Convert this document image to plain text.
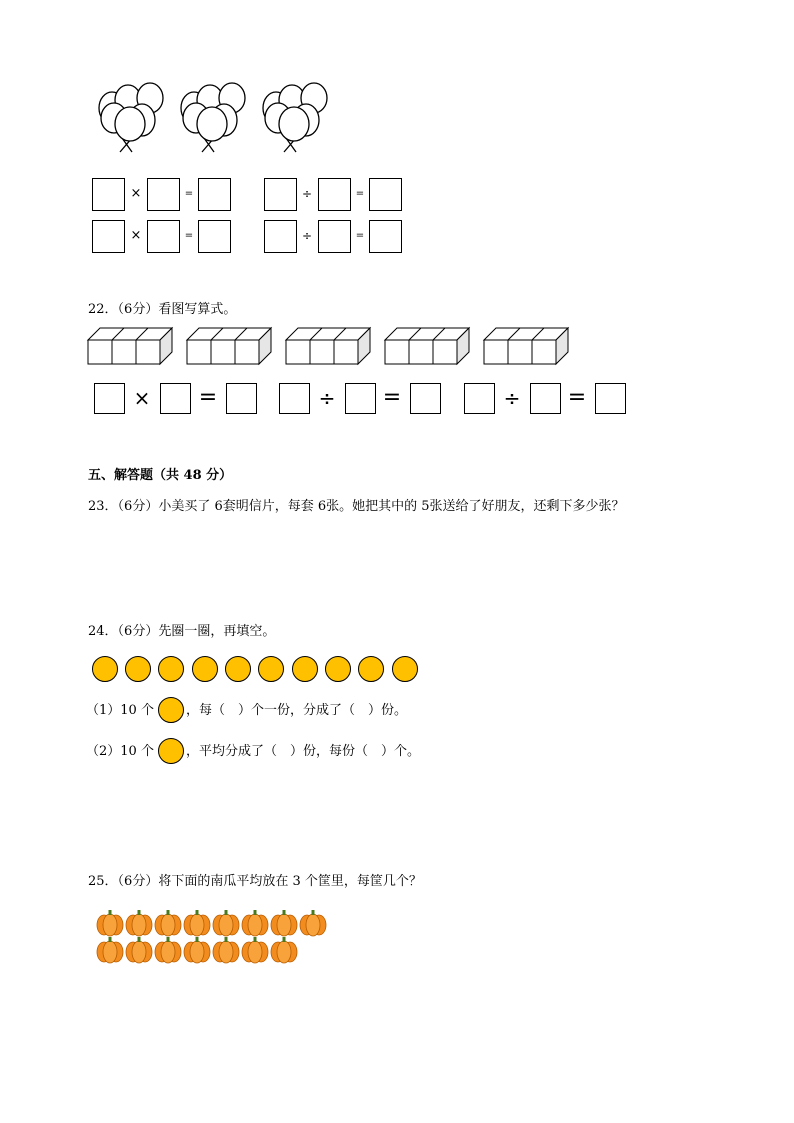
×	=	÷	=
×	=	÷	=
22．（6分）看图写算式。
× =	÷ =	÷ =
五、解答题（共 48 分）
23．（6分）小美买了 6套明信片，每套 6张。她把其中的 5张送给了好朋友，还剩下多少张？
24．（6分）先圈一圈，再填空。
（1）10 个 ，每（　）个一份，分成了（　）份。
（2）10 个 ，平均分成了（　）份，每份（　）个。
25．（6分）将下面的南瓜平均放在 3 个筐里，每筐几个？
